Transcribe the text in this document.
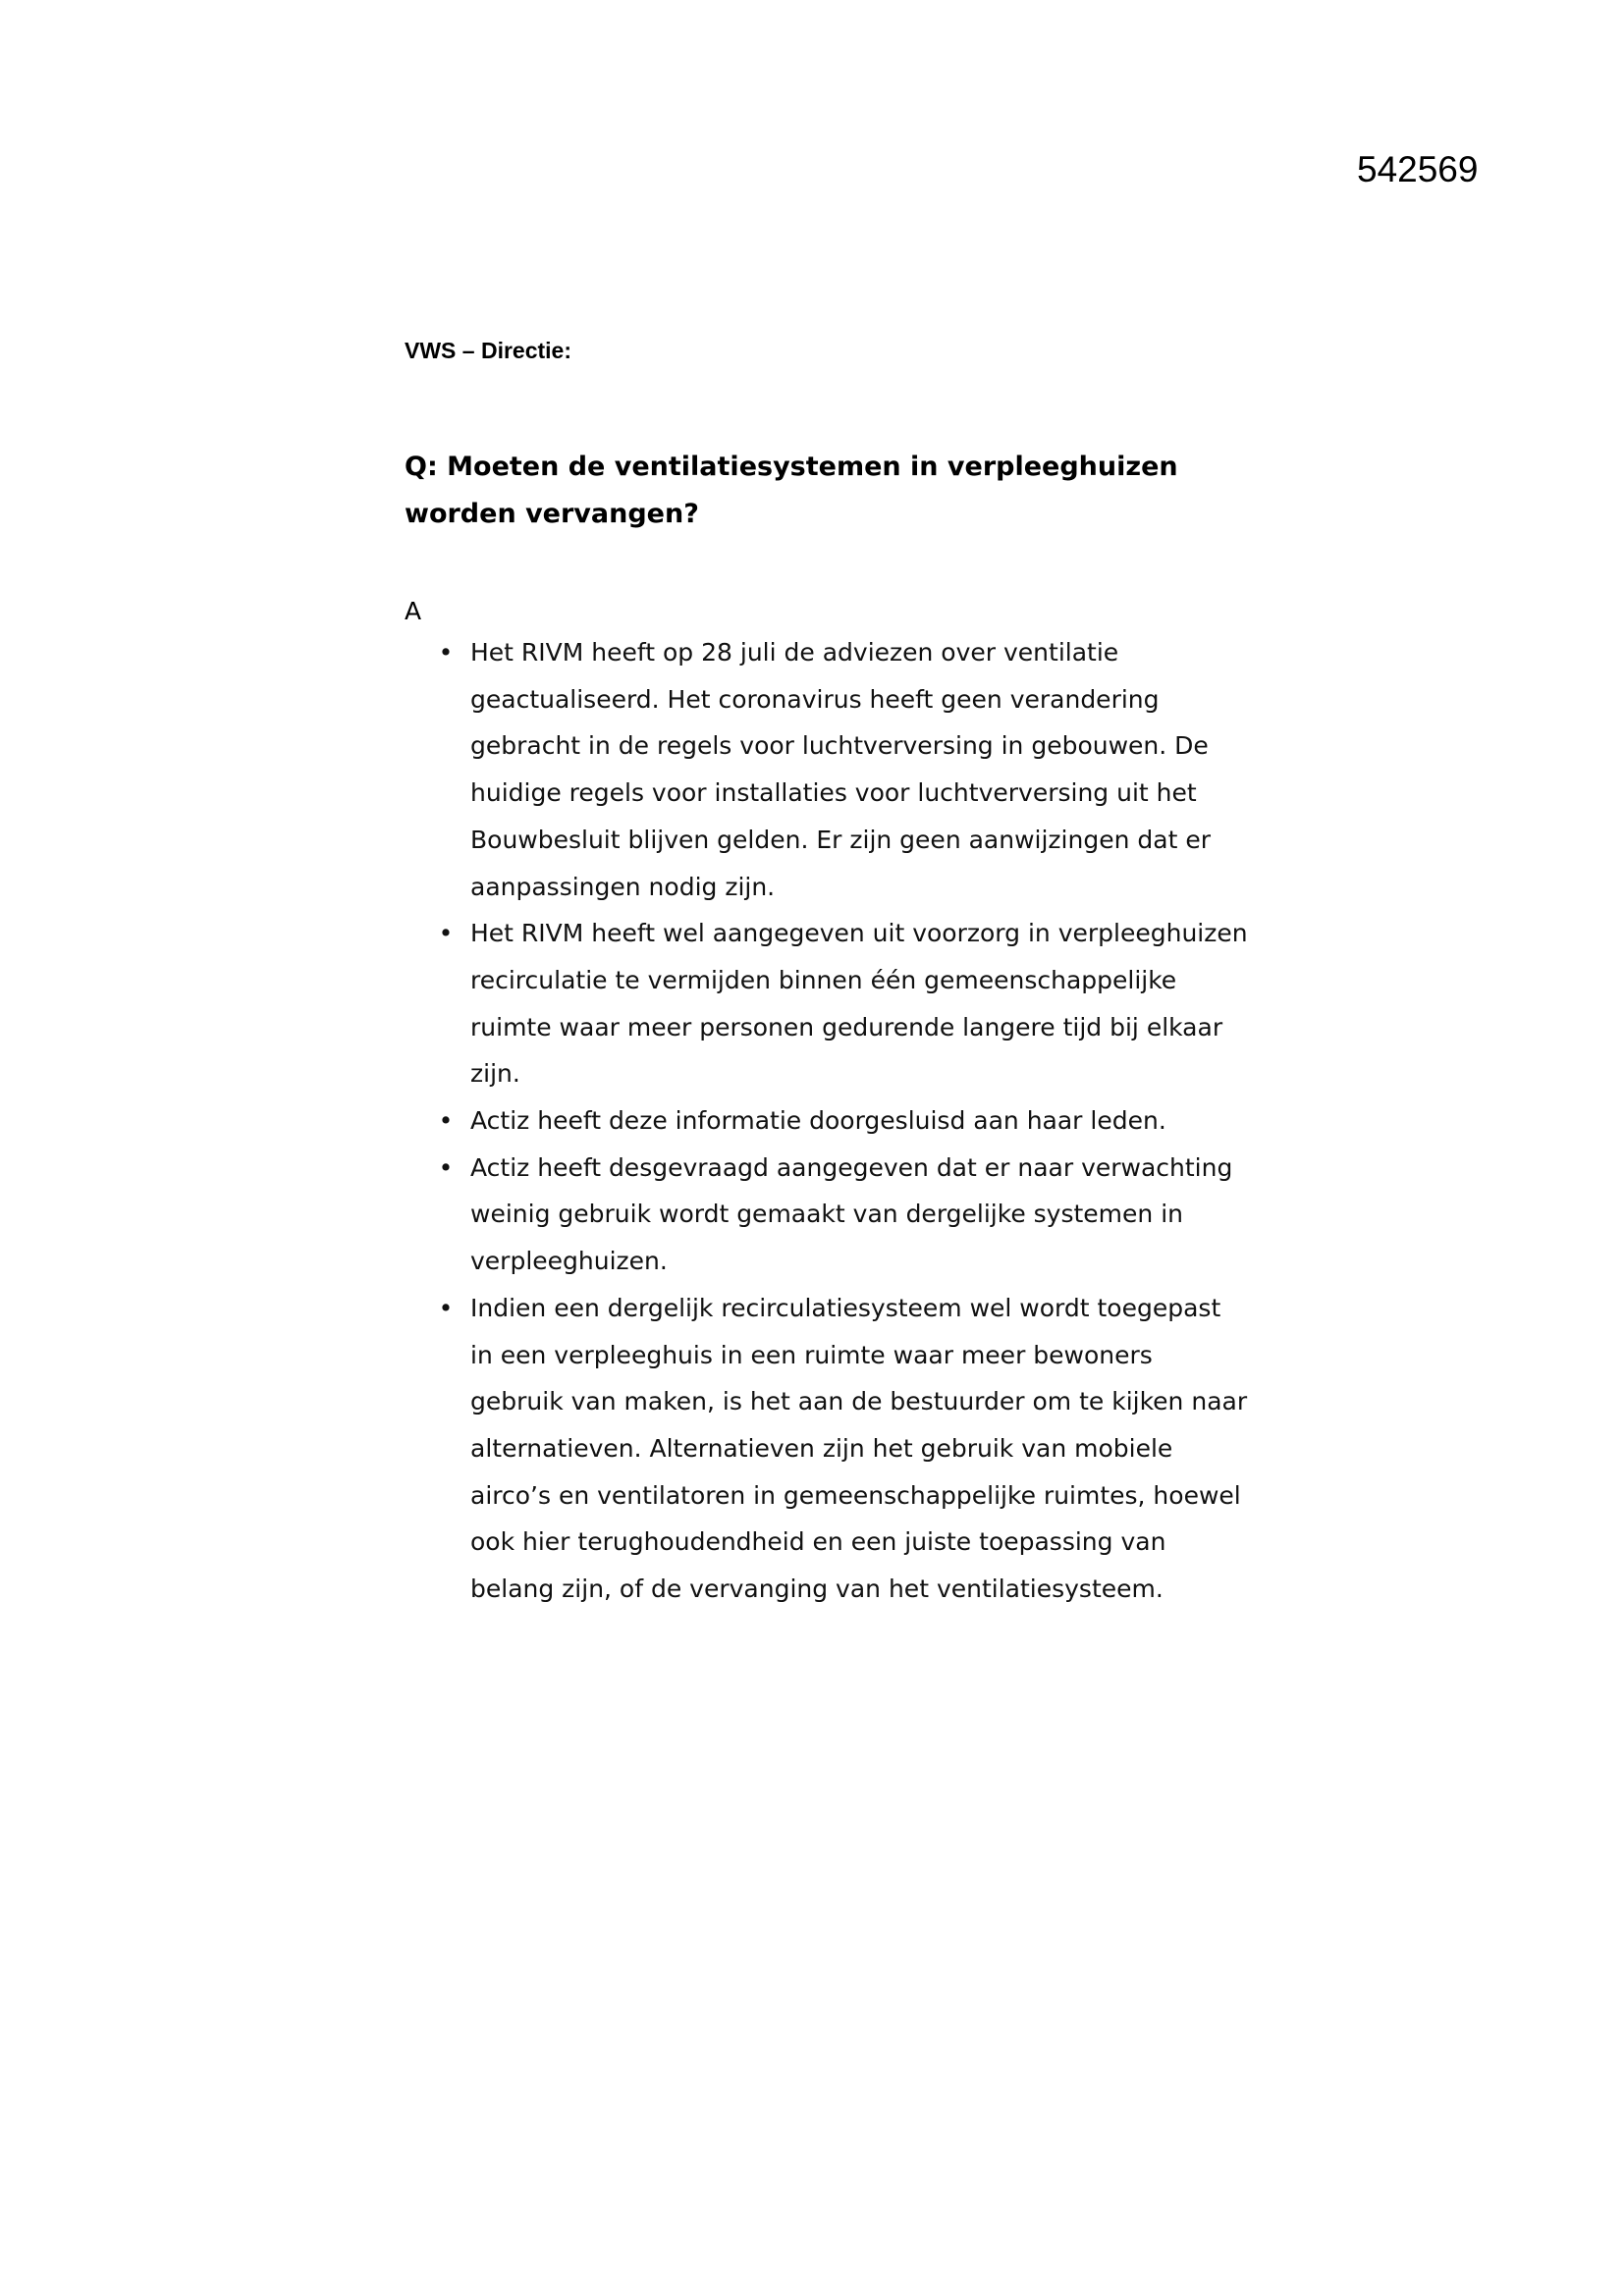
542569
VWS – Directie:
Q: Moeten de ventilatiesystemen in verpleeghuizen worden vervangen?
A
• Het RIVM heeft op 28 juli de adviezen over ventilatie geactualiseerd. Het coronavirus heeft geen verandering gebracht in de regels voor luchtverversing in gebouwen. De huidige regels voor installaties voor luchtverversing uit het Bouwbesluit blijven gelden. Er zijn geen aanwijzingen dat er aanpassingen nodig zijn.
• Het RIVM heeft wel aangegeven uit voorzorg in verpleeghuizen recirculatie te vermijden binnen één gemeenschappelijke ruimte waar meer personen gedurende langere tijd bij elkaar zijn.
• Actiz heeft deze informatie doorgesluisd aan haar leden.
• Actiz heeft desgevraagd aangegeven dat er naar verwachting weinig gebruik wordt gemaakt van dergelijke systemen in verpleeghuizen.
• Indien een dergelijk recirculatiesysteem wel wordt toegepast in een verpleeghuis in een ruimte waar meer bewoners gebruik van maken, is het aan de bestuurder om te kijken naar alternatieven. Alternatieven zijn het gebruik van mobiele airco’s en ventilatoren in gemeenschappelijke ruimtes, hoewel ook hier terughoudendheid en een juiste toepassing van belang zijn, of de vervanging van het ventilatiesysteem.
